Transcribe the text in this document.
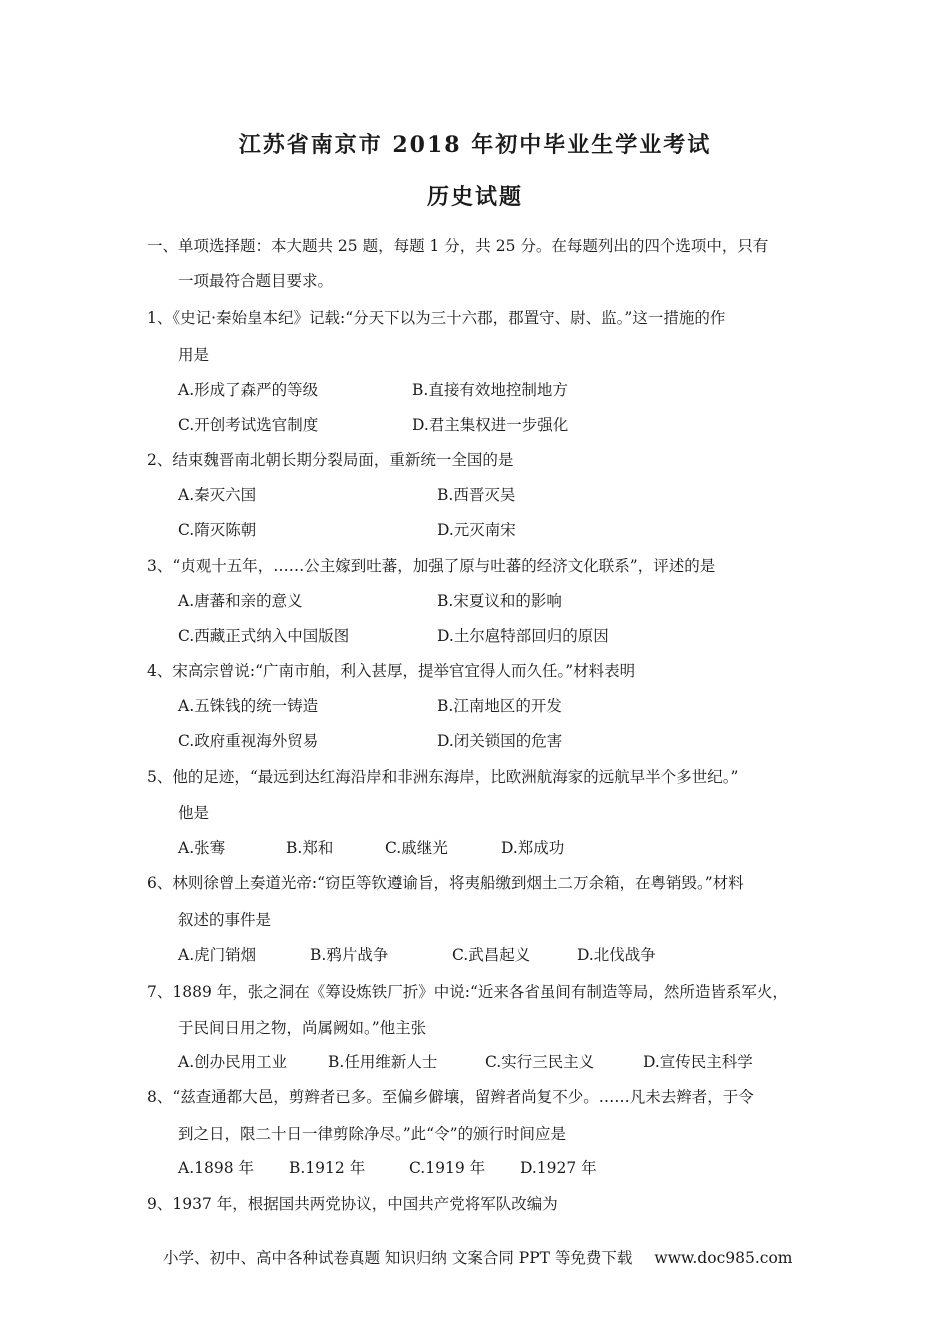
江苏省南京市 2018 年初中毕业生学业考试
历史试题
一、单项选择题：本大题共 25 题，每题 1 分，共 25 分。在每题列出的四个选项中，只有
一项最符合题目要求。
1、《史记·秦始皇本纪》记载:“分天下以为三十六郡，郡置守、尉、监。”这一措施的作
用是
A.形成了森严的等级	B.直接有效地控制地方
C.开创考试选官制度	D.君主集权进一步强化
2、结束魏晋南北朝长期分裂局面，重新统一全国的是
A.秦灭六国	B.西晋灭吴
C.隋灭陈朝	D.元灭南宋
3、“贞观十五年，……公主嫁到吐蕃，加强了原与吐蕃的经济文化联系”，评述的是
A.唐蕃和亲的意义	B.宋夏议和的影响
C.西藏正式纳入中国版图	D.土尔扈特部回归的原因
4、宋高宗曾说:“广南市舶，利入甚厚，提举官宜得人而久任。”材料表明
A.五铢钱的统一铸造	B.江南地区的开发
C.政府重视海外贸易	D.闭关锁国的危害
5、他的足迹，“最远到达红海沿岸和非洲东海岸，比欧洲航海家的远航早半个多世纪。”
他是
A.张骞	B.郑和	C.戚继光	D.郑成功
6、林则徐曾上奏道光帝:“窃臣等钦遵谕旨，将夷船缴到烟土二万余箱，在粤销毁。”材料
叙述的事件是
A.虎门销烟	B.鸦片战争	C.武昌起义	D.北伐战争
7、1889 年，张之洞在《筹设炼铁厂折》中说:“近来各省虽间有制造等局，然所造皆系军火，
于民间日用之物，尚属阙如。”他主张
A.创办民用工业	B.任用维新人士	C.实行三民主义	D.宣传民主科学
8、“兹查通都大邑，剪辫者已多。至偏乡僻壤，留辫者尚复不少。……凡未去辫者，于令
到之日，限二十日一律剪除净尽。”此“令”的颁行时间应是
A.1898 年 B.1912 年	C.1919 年 D.1927 年
9、1937 年，根据国共两党协议，中国共产党将军队改编为
小学、初中、高中各种试卷真题 知识归纳 文案合同 PPT 等免费下载 www.doc985.com
